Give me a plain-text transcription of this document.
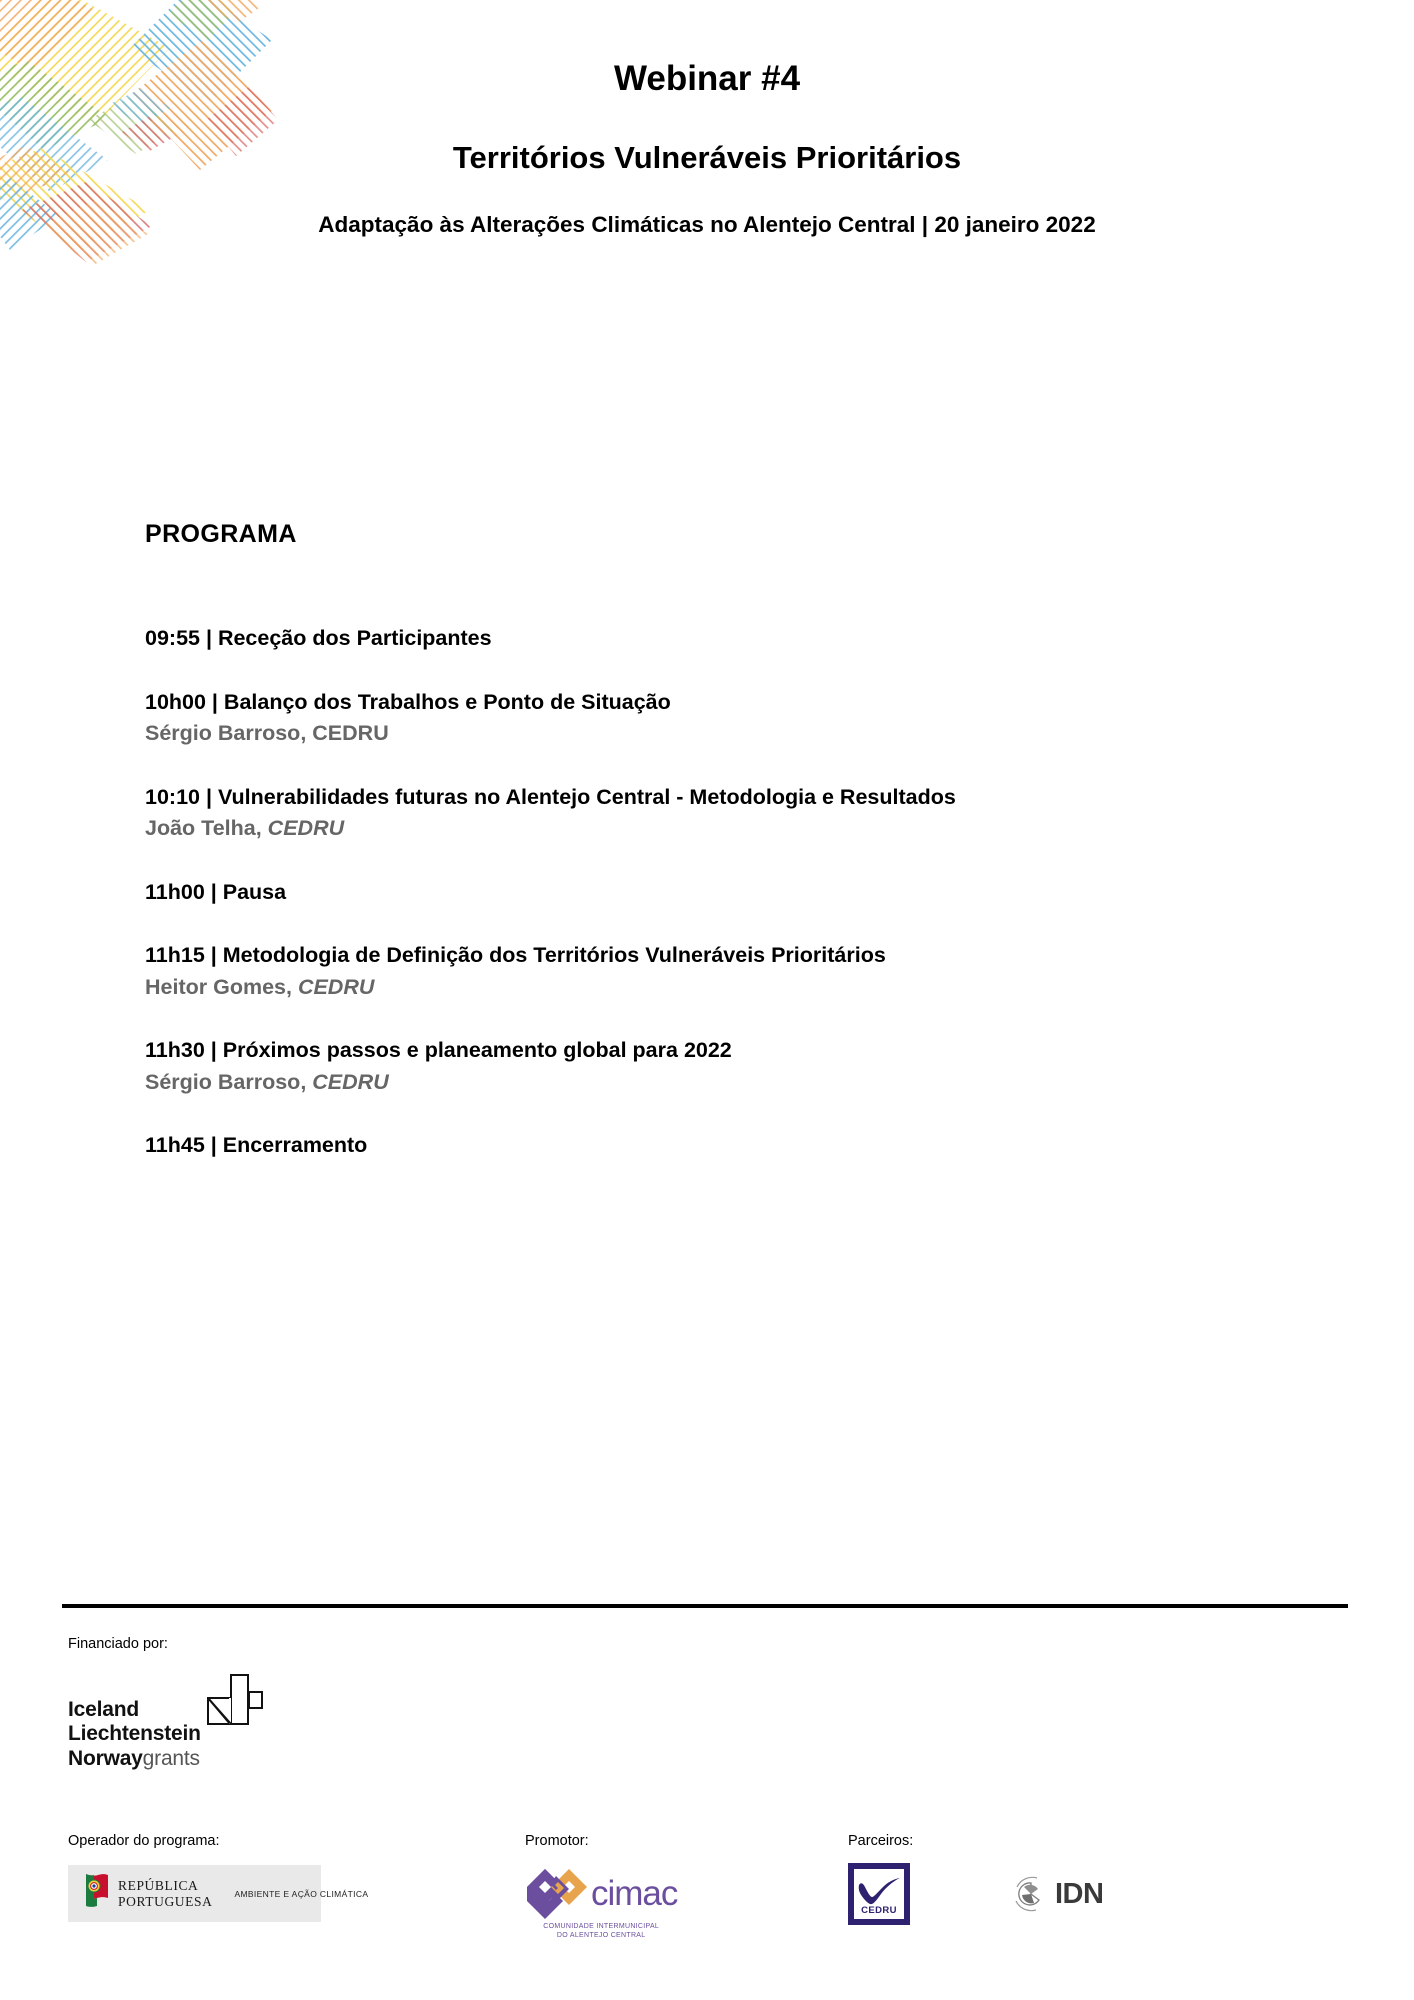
Webinar #4
Territórios Vulneráveis Prioritários
Adaptação às Alterações Climáticas no Alentejo Central | 20 janeiro 2022
PROGRAMA
09:55 | Receção dos Participantes
10h00 | Balanço dos Trabalhos e Ponto de Situação
Sérgio Barroso, CEDRU
10:10 | Vulnerabilidades futuras no Alentejo Central - Metodologia e Resultados
João Telha, CEDRU
11h00 | Pausa
11h15 | Metodologia de Definição dos Territórios Vulneráveis Prioritários
Heitor Gomes, CEDRU
11h30 | Próximos passos e planeamento global para 2022
Sérgio Barroso, CEDRU
11h45 | Encerramento
Financiado por:
Iceland
Liechtenstein
Norwaygrants
Operador do programa:
REPÚBLICA
PORTUGUESA	AMBIENTE E AÇÃO CLIMÁTICA
Promotor:
cimac
COMUNIDADE INTERMUNICIPAL
DO ALENTEJO CENTRAL
Parceiros:
CEDRU
IDN
